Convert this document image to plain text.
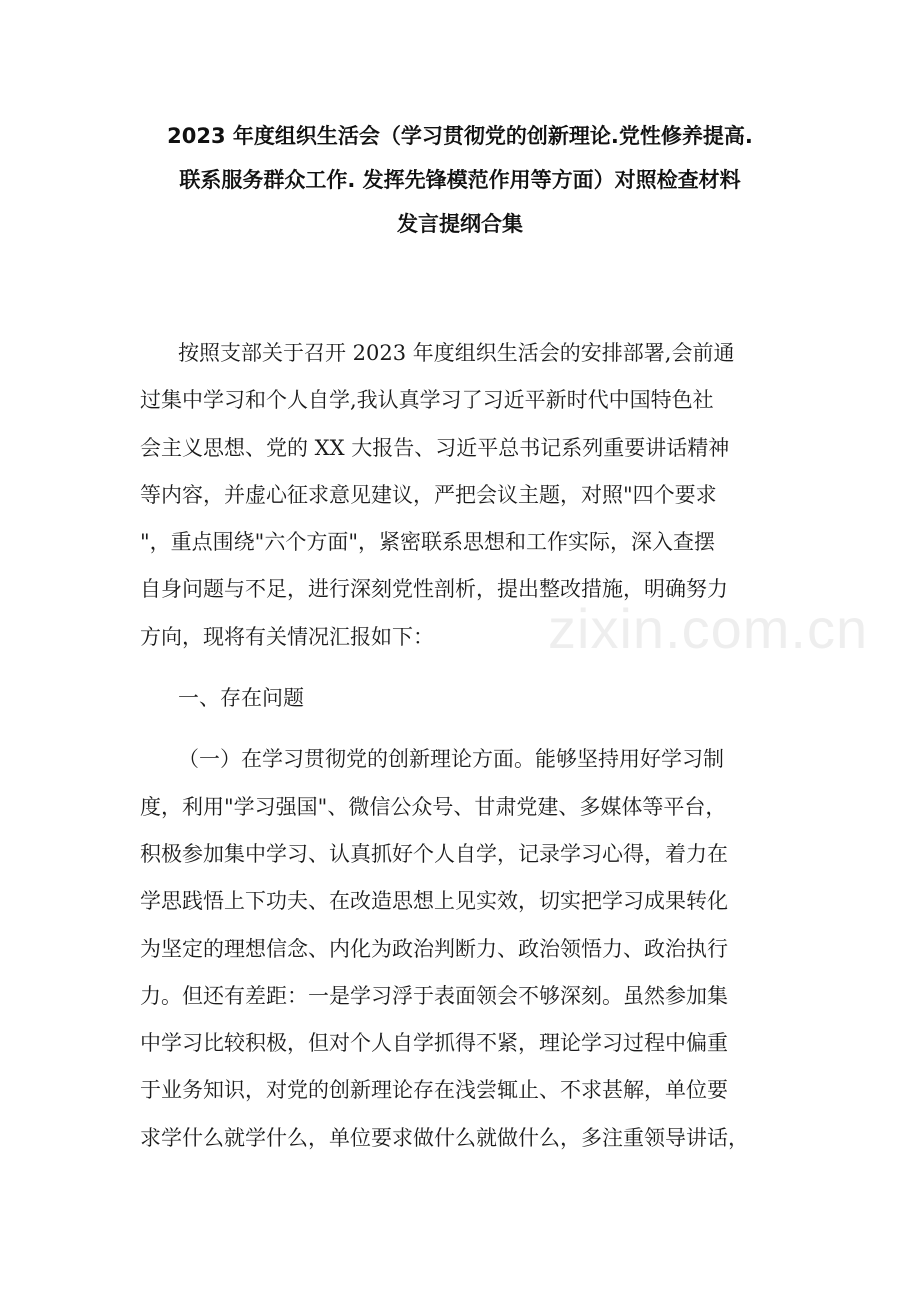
2023 年度组织生活会（学习贯彻党的创新理论.党性修养提高.
联系服务群众工作. 发挥先锋模范作用等方面）对照检查材料
发言提纲合集
按照支部关于召开 2023 年度组织生活会的安排部署,会前通
过集中学习和个人自学,我认真学习了习近平新时代中国特色社
会主义思想、党的 XX 大报告、习近平总书记系列重要讲话精神
等内容，并虚心征求意见建议，严把会议主题，对照"四个要求
"，重点围绕"六个方面"，紧密联系思想和工作实际，深入查摆
自身问题与不足，进行深刻党性剖析，提出整改措施，明确努力
方向，现将有关情况汇报如下：
一、存在问题
（一）在学习贯彻党的创新理论方面。能够坚持用好学习制
度，利用"学习强国"、微信公众号、甘肃党建、多媒体等平台，
积极参加集中学习、认真抓好个人自学，记录学习心得，着力在
学思践悟上下功夫、在改造思想上见实效，切实把学习成果转化
为坚定的理想信念、内化为政治判断力、政治领悟力、政治执行
力。但还有差距：一是学习浮于表面领会不够深刻。虽然参加集
中学习比较积极，但对个人自学抓得不紧，理论学习过程中偏重
于业务知识，对党的创新理论存在浅尝辄止、不求甚解，单位要
求学什么就学什么，单位要求做什么就做什么，多注重领导讲话，
zixin.com.cn
